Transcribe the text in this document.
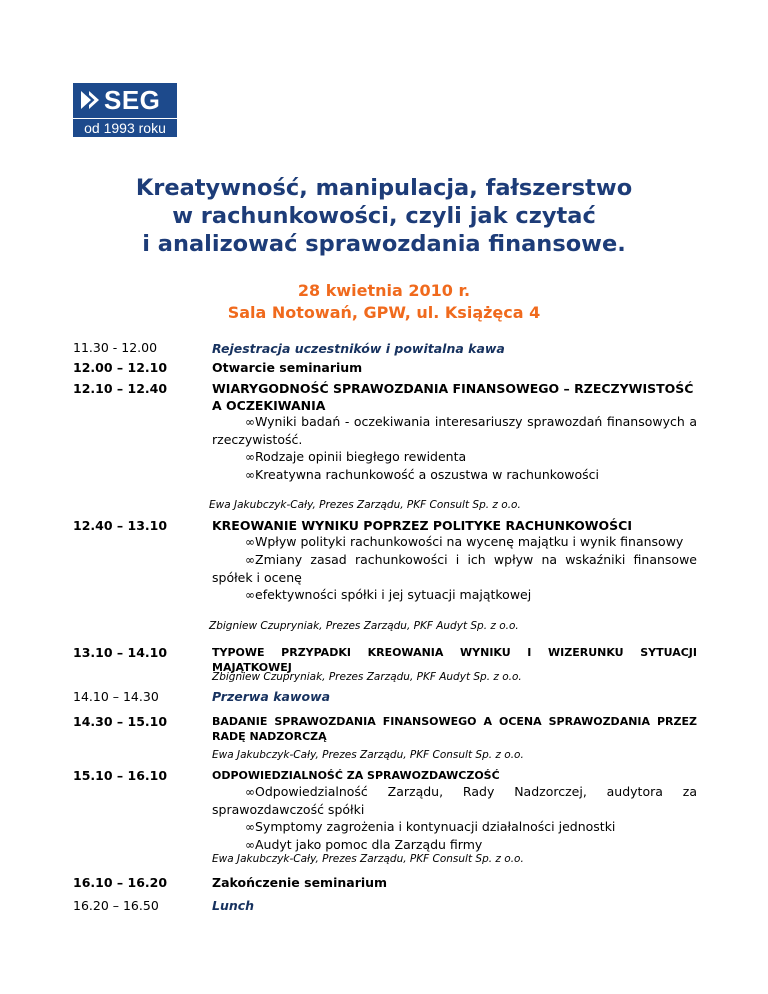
SEG
od 1993 roku
Kreatywność, manipulacja, fałszerstwo
w rachunkowości, czyli jak czytać
i analizować sprawozdania finansowe.
28 kwietnia 2010 r.
Sala Notowań, GPW, ul. Książęca 4
11.30 - 12.00	Rejestracja uczestników i powitalna kawa
12.00 – 12.10	Otwarcie seminarium
12.10 – 12.40	WIARYGODNOŚĆ SPRAWOZDANIA FINANSOWEGO – RZECZYWISTOŚĆ A OCZEKIWANIA
∞Wyniki badań - oczekiwania interesariuszy sprawozdań finansowych a rzeczywistość.
∞Rodzaje opinii biegłego rewidenta
∞Kreatywna rachunkowość a oszustwa w rachunkowości
Ewa Jakubczyk-Cały, Prezes Zarządu, PKF Consult Sp. z o.o.
12.40 – 13.10	KREOWANIE WYNIKU POPRZEZ POLITYKE RACHUNKOWOŚCI
∞Wpływ polityki rachunkowości na wycenę majątku i wynik finansowy
∞Zmiany zasad rachunkowości i ich wpływ na wskaźniki finansowe spółek i ocenę
∞efektywności spółki i jej sytuacji majątkowej
Zbigniew Czupryniak, Prezes Zarządu, PKF Audyt Sp. z o.o.
13.10 – 14.10	TYPOWE PRZYPADKI KREOWANIA WYNIKU I WIZERUNKU SYTUACJI MAJĄTKOWEJ
Zbigniew Czupryniak, Prezes Zarządu, PKF Audyt Sp. z o.o.
14.10 – 14.30	Przerwa kawowa
14.30 – 15.10	BADANIE SPRAWOZDANIA FINANSOWEGO A OCENA SPRAWOZDANIA PRZEZ RADĘ NADZORCZĄ
Ewa Jakubczyk-Cały, Prezes Zarządu, PKF Consult Sp. z o.o.
15.10 – 16.10	ODPOWIEDZIALNOŚĆ ZA SPRAWOZDAWCZOŚĆ
∞Odpowiedzialność Zarządu, Rady Nadzorczej, audytora za sprawozdawczość spółki
∞Symptomy zagrożenia i kontynuacji działalności jednostki
∞Audyt jako pomoc dla Zarządu firmy
Ewa Jakubczyk-Cały, Prezes Zarządu, PKF Consult Sp. z o.o.
16.10 – 16.20	Zakończenie seminarium
16.20 – 16.50	Lunch
